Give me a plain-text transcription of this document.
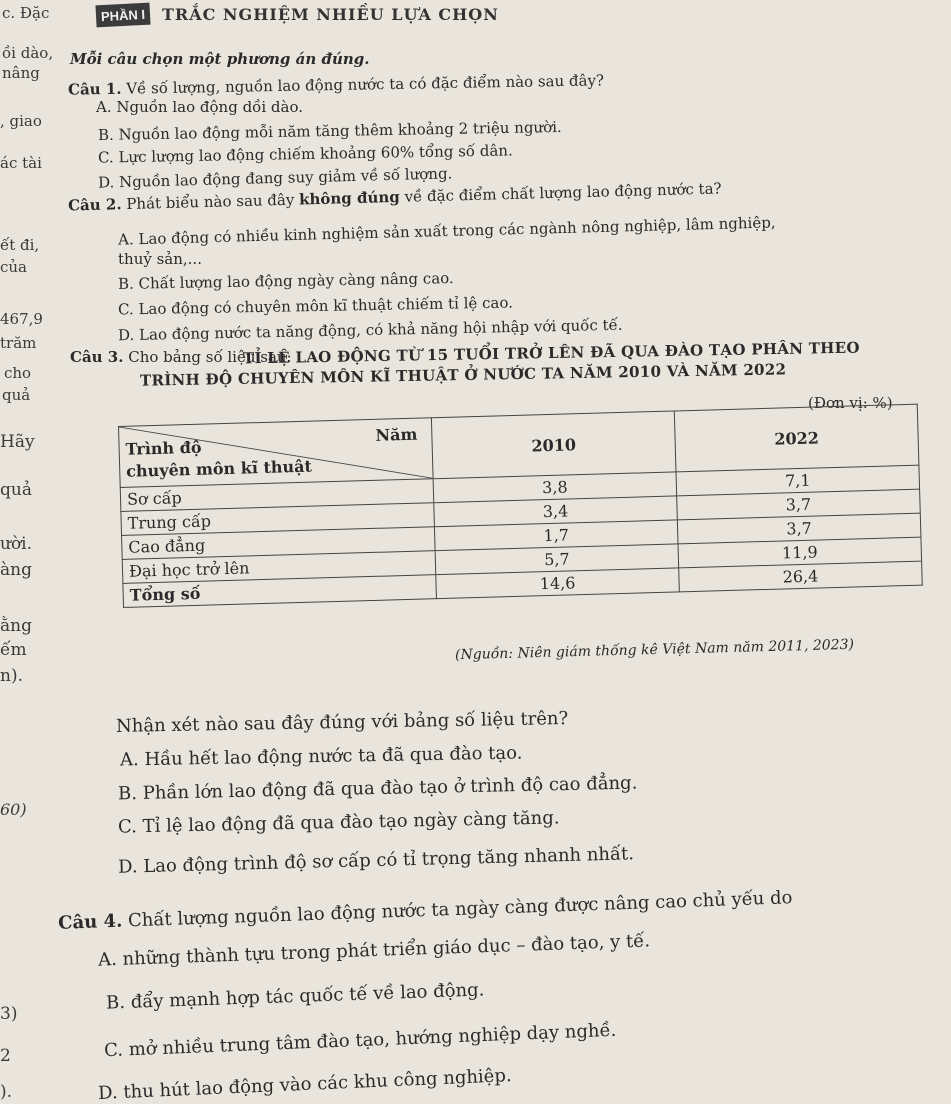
c. Đặc
ồi dào,
nâng
, giao
ác tài
ết đi,
của
467,9
trăm
cho
quả
Hãy
quả
ười.
àng
ằng
ếm
n).
60)
3)
2
).
PHẦN I	TRẮC NGHIỆM NHIỀU LỰA CHỌN
Mỗi câu chọn một phương án đúng.
Câu 1. Về số lượng, nguồn lao động nước ta có đặc điểm nào sau đây?
A. Nguồn lao động dồi dào.
B. Nguồn lao động mỗi năm tăng thêm khoảng 2 triệu người.
C. Lực lượng lao động chiếm khoảng 60% tổng số dân.
D. Nguồn lao động đang suy giảm về số lượng.
Câu 2. Phát biểu nào sau đây không đúng về đặc điểm chất lượng lao động nước ta?
A. Lao động có nhiều kinh nghiệm sản xuất trong các ngành nông nghiệp, lâm nghiệp,
thuỷ sản,...
B. Chất lượng lao động ngày càng nâng cao.
C. Lao động có chuyên môn kĩ thuật chiếm tỉ lệ cao.
D. Lao động nước ta năng động, có khả năng hội nhập với quốc tế.
Câu 3. Cho bảng số liệu sau:
TỈ LỆ LAO ĐỘNG TỪ 15 TUỔI TRỞ LÊN ĐÃ QUA ĐÀO TẠO PHÂN THEO
TRÌNH ĐỘ CHUYÊN MÔN KĨ THUẬT Ở NƯỚC TA NĂM 2010 VÀ NĂM 2022
(Đơn vị: %)
Năm
Trình độ
chuyên môn kĩ thuật	2010	2022
Sơ cấp	3,8	7,1
Trung cấp	3,4	3,7
Cao đẳng	1,7	3,7
Đại học trở lên	5,7	11,9
Tổng số	14,6	26,4
(Nguồn: Niên giám thống kê Việt Nam năm 2011, 2023)
Nhận xét nào sau đây đúng với bảng số liệu trên?
A. Hầu hết lao động nước ta đã qua đào tạo.
B. Phần lớn lao động đã qua đào tạo ở trình độ cao đẳng.
C. Tỉ lệ lao động đã qua đào tạo ngày càng tăng.
D. Lao động trình độ sơ cấp có tỉ trọng tăng nhanh nhất.
Câu 4. Chất lượng nguồn lao động nước ta ngày càng được nâng cao chủ yếu do
A. những thành tựu trong phát triển giáo dục – đào tạo, y tế.
B. đẩy mạnh hợp tác quốc tế về lao động.
C. mở nhiều trung tâm đào tạo, hướng nghiệp dạy nghề.
D. thu hút lao động vào các khu công nghiệp.
